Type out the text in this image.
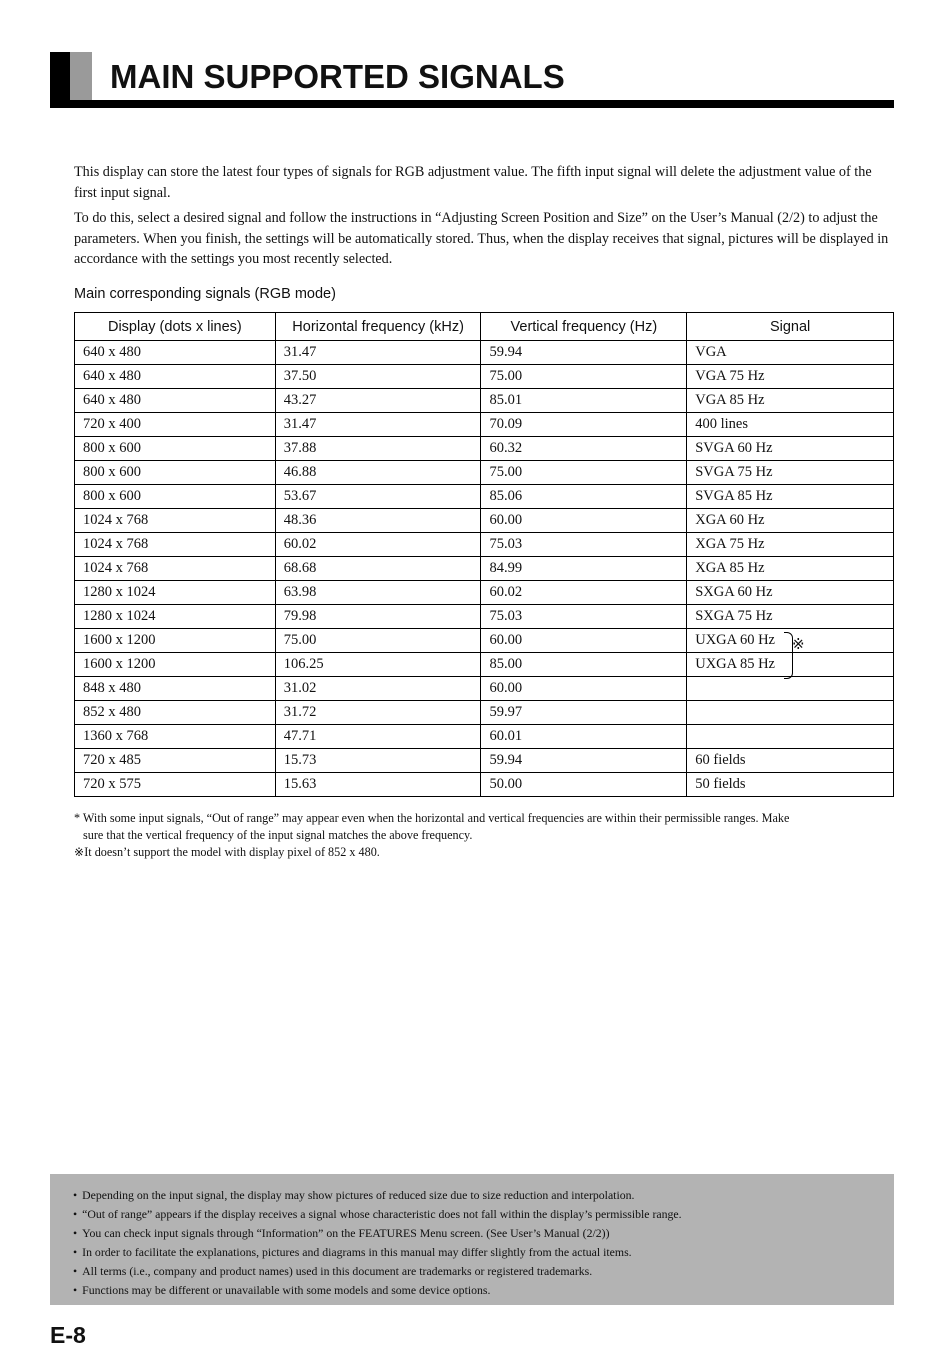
MAIN SUPPORTED SIGNALS

This display can store the latest four types of signals for RGB adjustment value. The fifth input signal will delete the adjustment value of the first input signal.

To do this, select a desired signal and follow the instructions in “Adjusting Screen Position and Size” on the User’s Manual (2/2) to adjust the parameters. When you finish, the settings will be automatically stored. Thus, when the display receives that signal, pictures will be displayed in accordance with the settings you most recently selected.

Main corresponding signals (RGB mode)
Display (dots x lines)	Horizontal frequency (kHz)	Vertical frequency (Hz)	Signal
640 x 480	31.47	59.94	VGA
640 x 480	37.50	75.00	VGA 75 Hz
640 x 480	43.27	85.01	VGA 85 Hz
720 x 400	31.47	70.09	400 lines
800 x 600	37.88	60.32	SVGA 60 Hz
800 x 600	46.88	75.00	SVGA 75 Hz
800 x 600	53.67	85.06	SVGA 85 Hz
1024 x 768	48.36	60.00	XGA 60 Hz
1024 x 768	60.02	75.03	XGA 75 Hz
1024 x 768	68.68	84.99	XGA 85 Hz
1280 x 1024	63.98	60.02	SXGA 60 Hz
1280 x 1024	79.98	75.03	SXGA 75 Hz
1600 x 1200	75.00	60.00	UXGA 60 Hz
1600 x 1200	106.25	85.00	UXGA 85 Hz
848 x 480	31.02	60.00	
852 x 480	31.72	59.97	
1360 x 768	47.71	60.01	
720 x 485	15.73	59.94	60 fields
720 x 575	15.63	50.00	50 fields
※
* With some input signals, “Out of range” may appear even when the horizontal and vertical frequencies are within their permissible ranges. Make
sure that the vertical frequency of the input signal matches the above frequency.
※It doesn’t support the model with display pixel of 852 x 480.
• Depending on the input signal, the display may show pictures of reduced size due to size reduction and interpolation.
• “Out of range” appears if the display receives a signal whose characteristic does not fall within the display’s permissible range.
• You can check input signals through “Information” on the FEATURES Menu screen. (See User’s Manual (2/2))
• In order to facilitate the explanations, pictures and diagrams in this manual may differ slightly from the actual items.
• All terms (i.e., company and product names) used in this document are trademarks or registered trademarks.
• Functions may be different or unavailable with some models and some device options.
E-8
